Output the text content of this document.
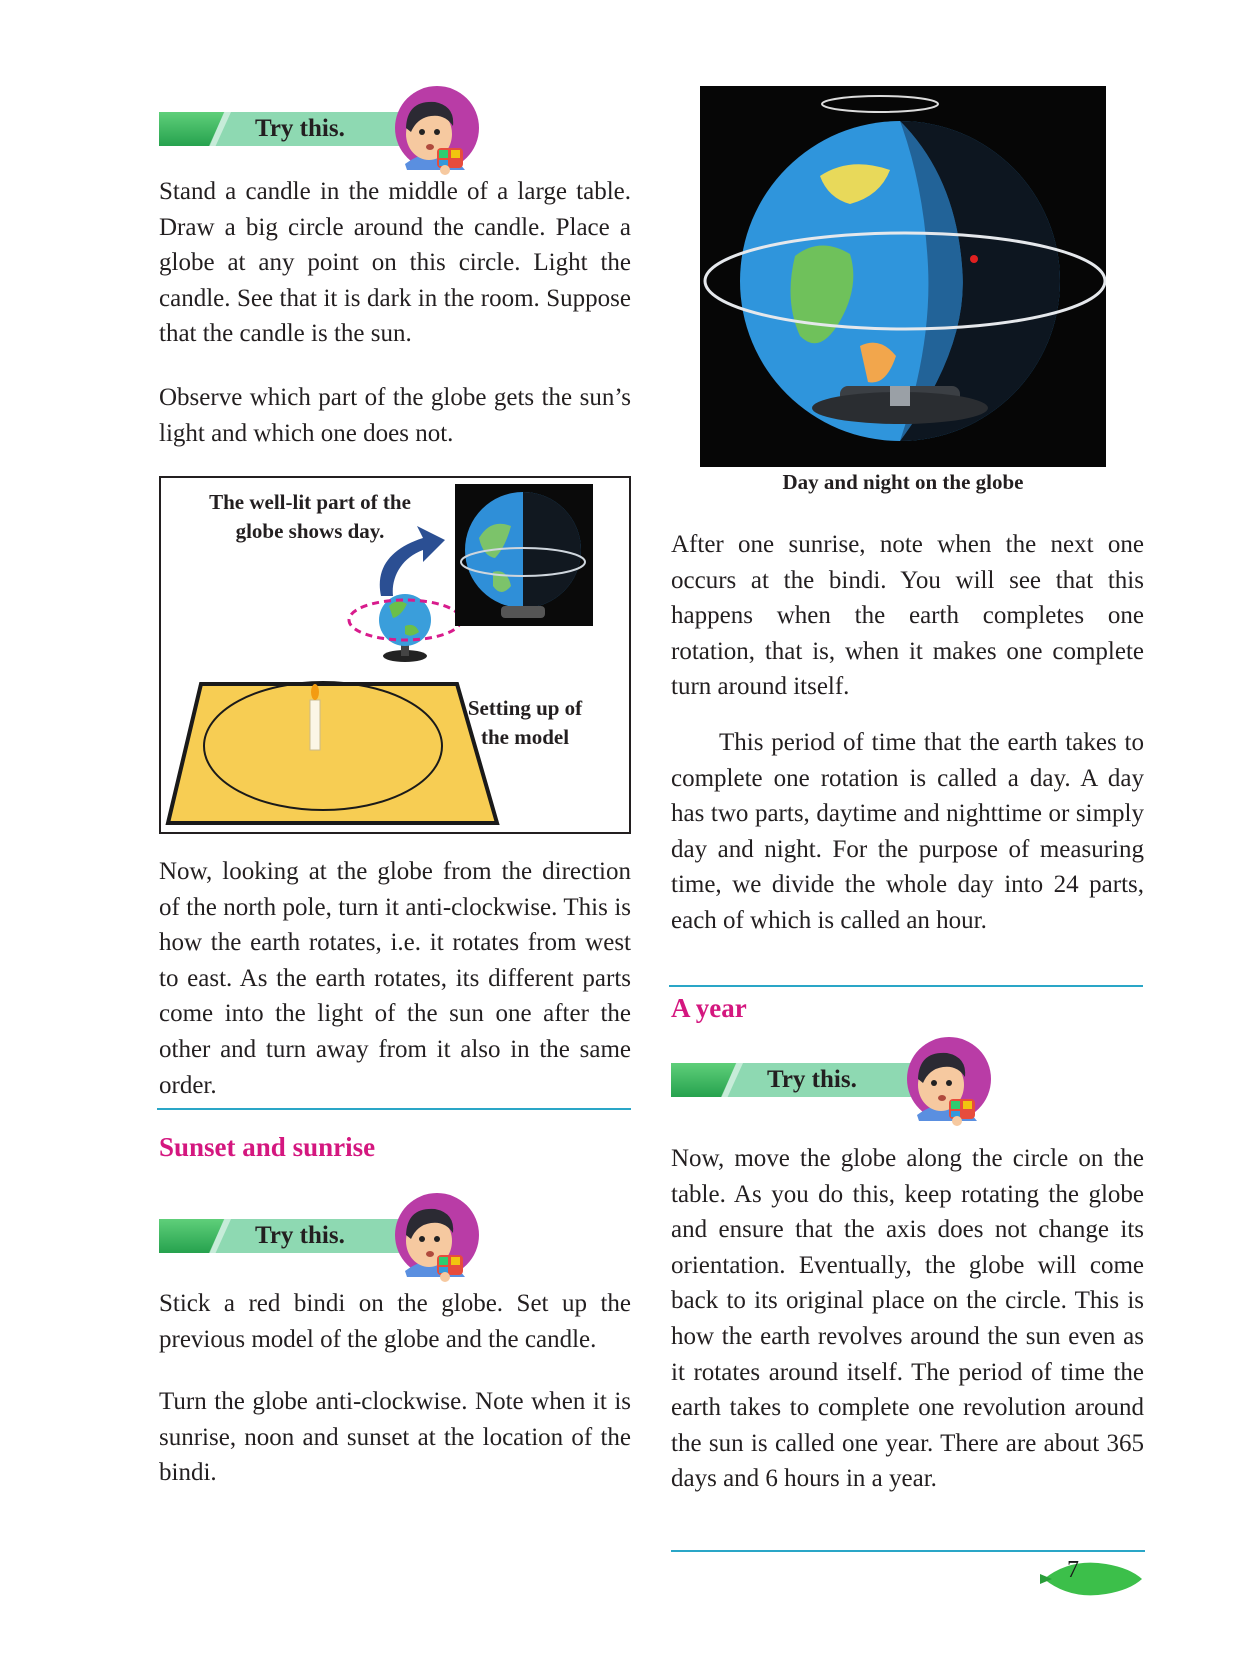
Try this.

Stand a candle in the middle of a large table. Draw a big circle around the candle. Place a globe at any point on this circle. Light the candle. See that it is dark in the room. Suppose that the candle is the sun.

Observe which part of the globe gets the sun’s light and which one does not.

The well-lit part of the globe shows day.

Setting up of the model

Now, looking at the globe from the direction of the north pole, turn it anti-clockwise. This is how the earth rotates, i.e. it rotates from west to east. As the earth rotates, its different parts come into the light of the sun one after the other and turn away from it also in the same order.

Sunset and sunrise
Try this.

Stick a red bindi on the globe. Set up the previous model of the globe and the candle.

Turn the globe anti-clockwise. Note when it is sunrise, noon and sunset at the location of the bindi.

Day and night on the globe

After one sunrise, note when the next one occurs at the bindi. You will see that this happens when the earth completes one rotation, that is, when it makes one complete turn around itself.

This period of time that the earth takes to complete one rotation is called a day. A day has two parts, daytime and nighttime or simply day and night. For the purpose of measuring time, we divide the whole day into 24 parts, each of which is called an hour.

A year
Try this.

Now, move the globe along the circle on the table. As you do this, keep rotating the globe and ensure that the axis does not change its orientation. Eventually, the globe will come back to its original place on the circle. This is how the earth revolves around the sun even as it rotates around itself. The period of time the earth takes to complete one revolution around the sun is called one year. There are about 365 days and 6 hours in a year.

7
